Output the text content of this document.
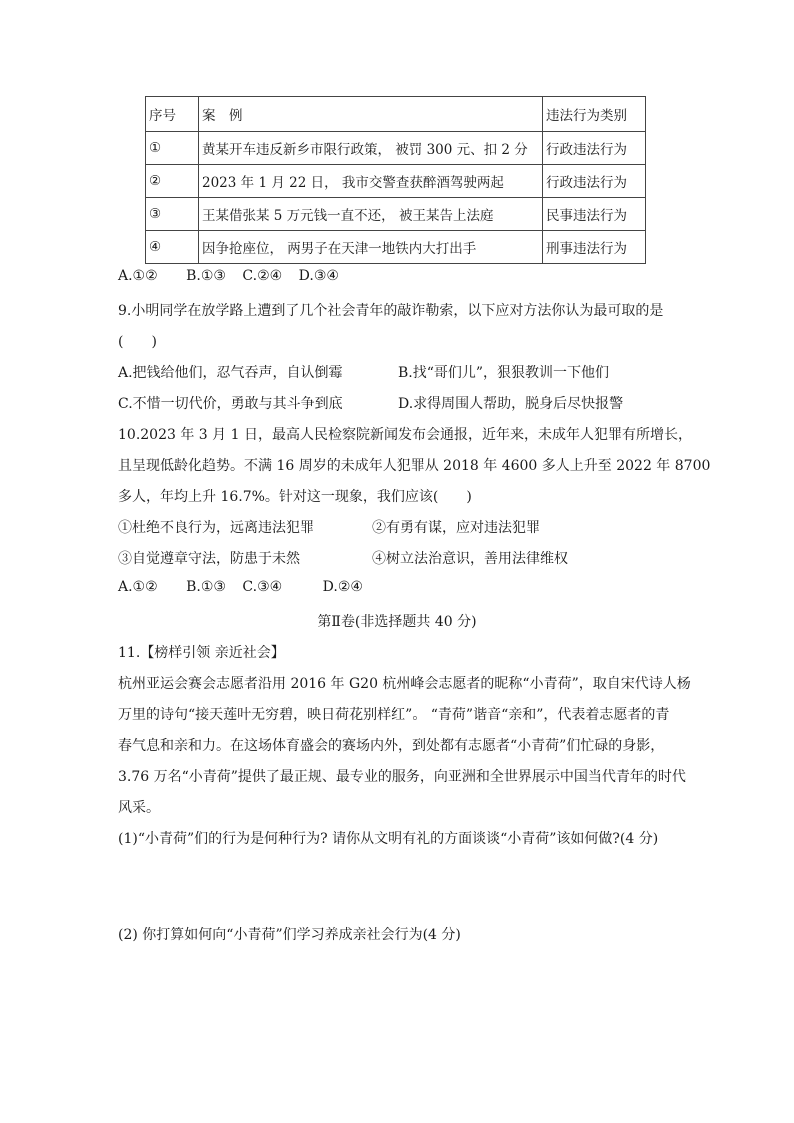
序号	案　例	违法行为类别
①	黄某开车违反新乡市限行政策， 被罚 300 元、扣 2 分	行政违法行为
②	2023 年 1 月 22 日， 我市交警查获醉酒驾驶两起	行政违法行为
③	王某借张某 5 万元钱一直不还， 被王某告上法庭	民事违法行为
④	因争抢座位， 两男子在天津一地铁内大打出手	刑事违法行为
A.①② B.①③ C.②④ D.③④
9.小明同学在放学路上遭到了几个社会青年的敲诈勒索，以下应对方法你认为最可取的是
(　　)
A.把钱给他们，忍气吞声，自认倒霉	B.找“哥们儿”，狠狠教训一下他们
C.不惜一切代价，勇敢与其斗争到底	D.求得周围人帮助，脱身后尽快报警
10.2023 年 3 月 1 日，最高人民检察院新闻发布会通报，近年来，未成年人犯罪有所增长，
且呈现低龄化趋势。不满 16 周岁的未成年人犯罪从 2018 年 4600 多人上升至 2022 年 8700
多人，年均上升 16.7%。针对这一现象，我们应该(　　)
①杜绝不良行为，远离违法犯罪	②有勇有谋，应对违法犯罪
③自觉遵章守法，防患于未然	④树立法治意识，善用法律维权
A.①② B.①③ C.③④	D.②④
第Ⅱ卷(非选择题共 40 分)
11.【榜样引领 亲近社会】
杭州亚运会赛会志愿者沿用 2016 年 G20 杭州峰会志愿者的昵称“小青荷”，取自宋代诗人杨
万里的诗句“接天莲叶无穷碧，映日荷花别样红”。 “青荷”谐音“亲和”，代表着志愿者的青
春气息和亲和力。在这场体育盛会的赛场内外，到处都有志愿者“小青荷”们忙碌的身影，
3.76 万名“小青荷”提供了最正规、最专业的服务，向亚洲和全世界展示中国当代青年的时代
风采。
(1)“小青荷”们的行为是何种行为? 请你从文明有礼的方面谈谈“小青荷”该如何做?(4 分)
(2) 你打算如何向“小青荷”们学习养成亲社会行为(4 分)
